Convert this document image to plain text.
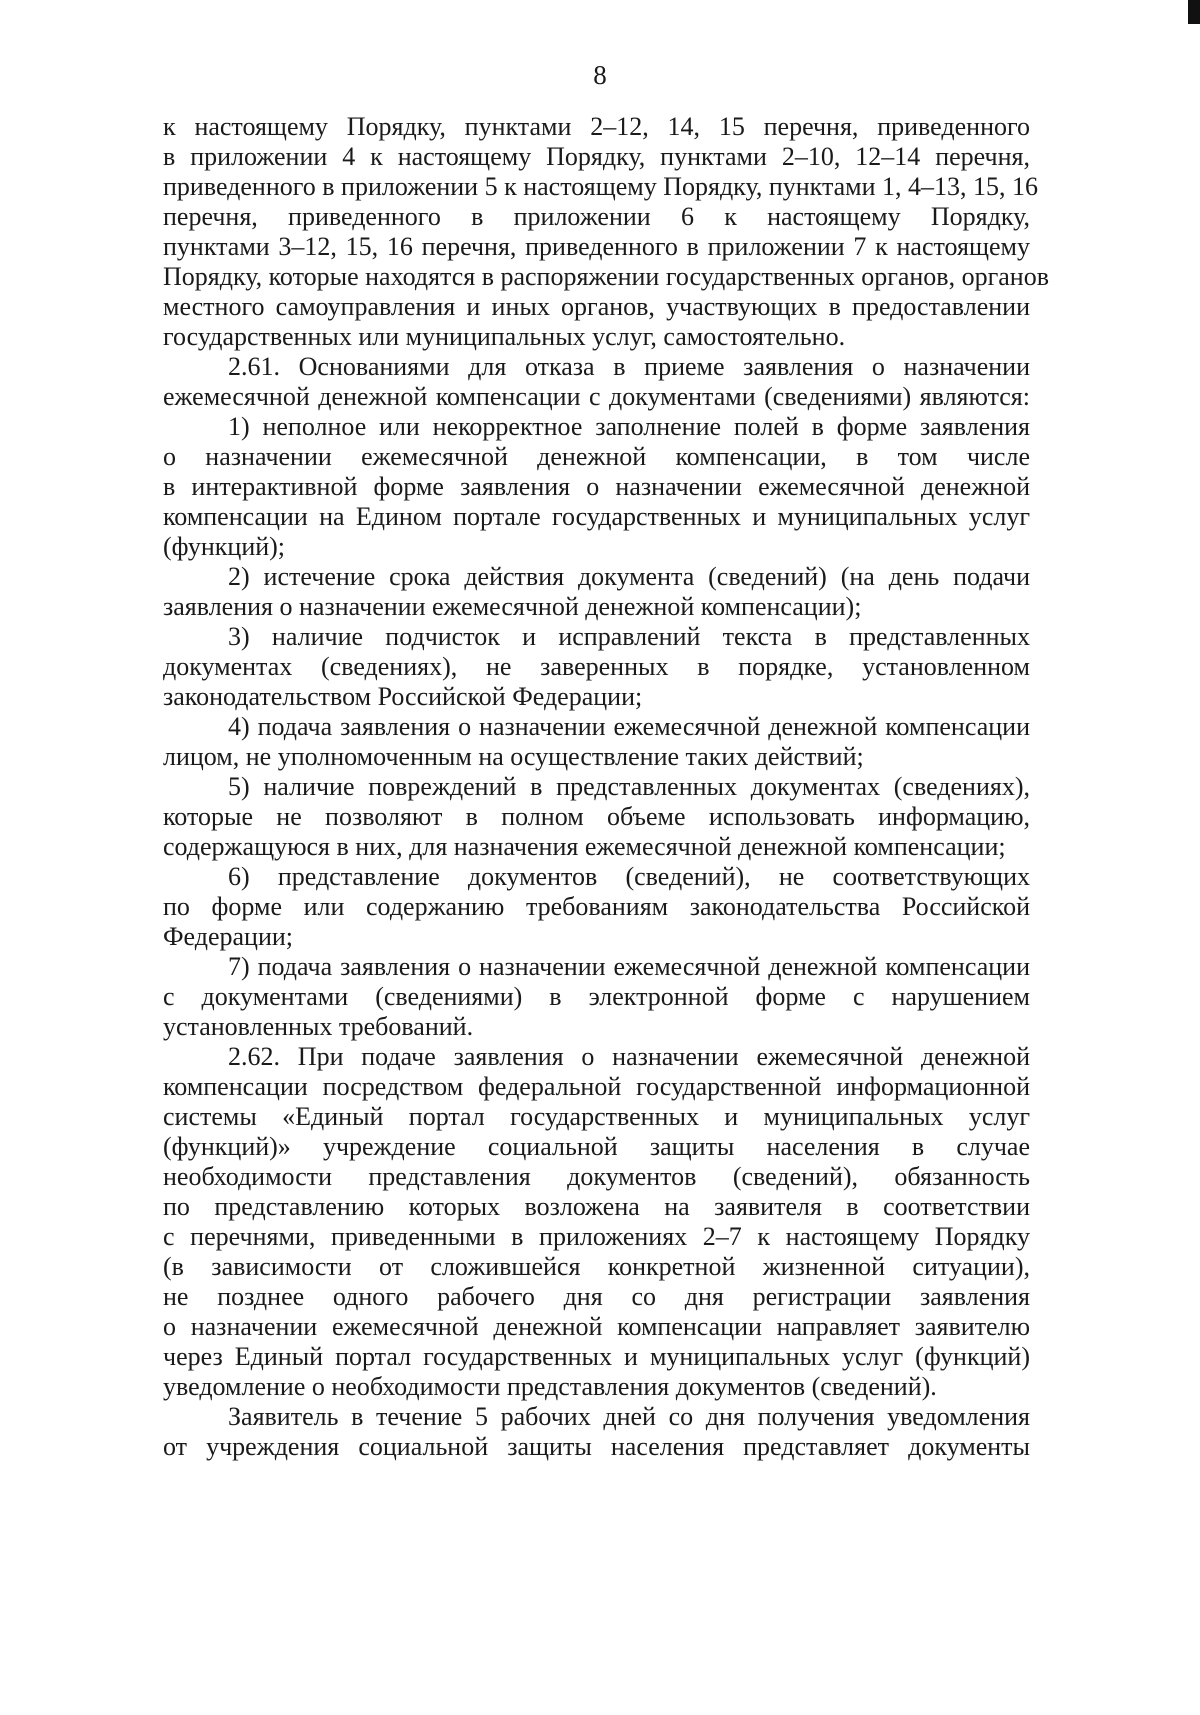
8
к настоящему Порядку, пунктами 2–12, 14, 15 перечня, приведенного
в приложении 4 к настоящему Порядку, пунктами 2–10, 12–14 перечня,
приведенного в приложении 5 к настоящему Порядку, пунктами 1, 4–13, 15, 16
перечня, приведенного в приложении 6 к настоящему Порядку,
пунктами 3–12, 15, 16 перечня, приведенного в приложении 7 к настоящему
Порядку, которые находятся в распоряжении государственных органов, органов
местного самоуправления и иных органов, участвующих в предоставлении
государственных или муниципальных услуг, самостоятельно.
2.61. Основаниями для отказа в приеме заявления о назначении
ежемесячной денежной компенсации с документами (сведениями) являются:
1) неполное или некорректное заполнение полей в форме заявления
о назначении ежемесячной денежной компенсации, в том числе
в интерактивной форме заявления о назначении ежемесячной денежной
компенсации на Едином портале государственных и муниципальных услуг
(функций);
2) истечение срока действия документа (сведений) (на день подачи
заявления о назначении ежемесячной денежной компенсации);
3) наличие подчисток и исправлений текста в представленных
документах (сведениях), не заверенных в порядке, установленном
законодательством Российской Федерации;
4) подача заявления о назначении ежемесячной денежной компенсации
лицом, не уполномоченным на осуществление таких действий;
5) наличие повреждений в представленных документах (сведениях),
которые не позволяют в полном объеме использовать информацию,
содержащуюся в них, для назначения ежемесячной денежной компенсации;
6) представление документов (сведений), не соответствующих
по форме или содержанию требованиям законодательства Российской
Федерации;
7) подача заявления о назначении ежемесячной денежной компенсации
с документами (сведениями) в электронной форме с нарушением
установленных требований.
2.62. При подаче заявления о назначении ежемесячной денежной
компенсации посредством федеральной государственной информационной
системы «Единый портал государственных и муниципальных услуг
(функций)» учреждение социальной защиты населения в случае
необходимости представления документов (сведений), обязанность
по представлению которых возложена на заявителя в соответствии
с перечнями, приведенными в приложениях 2–7 к настоящему Порядку
(в зависимости от сложившейся конкретной жизненной ситуации),
не позднее одного рабочего дня со дня регистрации заявления
о назначении ежемесячной денежной компенсации направляет заявителю
через Единый портал государственных и муниципальных услуг (функций)
уведомление о необходимости представления документов (сведений).
Заявитель в течение 5 рабочих дней со дня получения уведомления
от учреждения социальной защиты населения представляет документы
